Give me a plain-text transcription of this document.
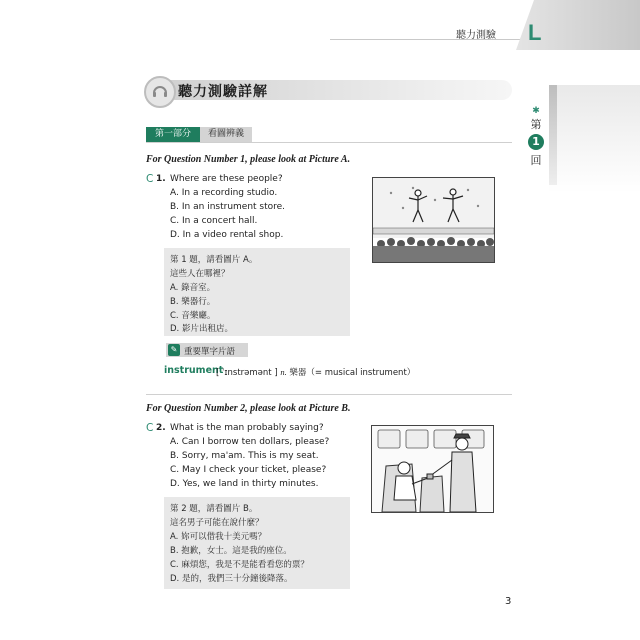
聽力測驗 L
✱
第
1
回
聽力測驗詳解
第一部分	看圖辨義
For Question Number 1, please look at Picture A.
C 1. Where are these people?
A. In a recording studio.
B. In an instrument store.
C. In a concert hall.
D. In a video rental shop.
第 1 題，請看圖片 A。
這些人在哪裡？
A. 錄音室。
B. 樂器行。
C. 音樂廳。
D. 影片出租店。
✎ 重要單字片語
instrument
[ ˈɪnstrəmənt ] n. 樂器（= musical instrument）
For Question Number 2, please look at Picture B.
C 2. What is the man probably saying?
A. Can I borrow ten dollars, please?
B. Sorry, ma'am. This is my seat.
C. May I check your ticket, please?
D. Yes, we land in thirty minutes.
第 2 題，請看圖片 B。
這名男子可能在說什麼？
A. 妳可以借我十美元嗎？
B. 抱歉，女士。這是我的座位。
C. 麻煩您，我是不是能看看您的票？
D. 是的，我們三十分鐘後降落。
3
